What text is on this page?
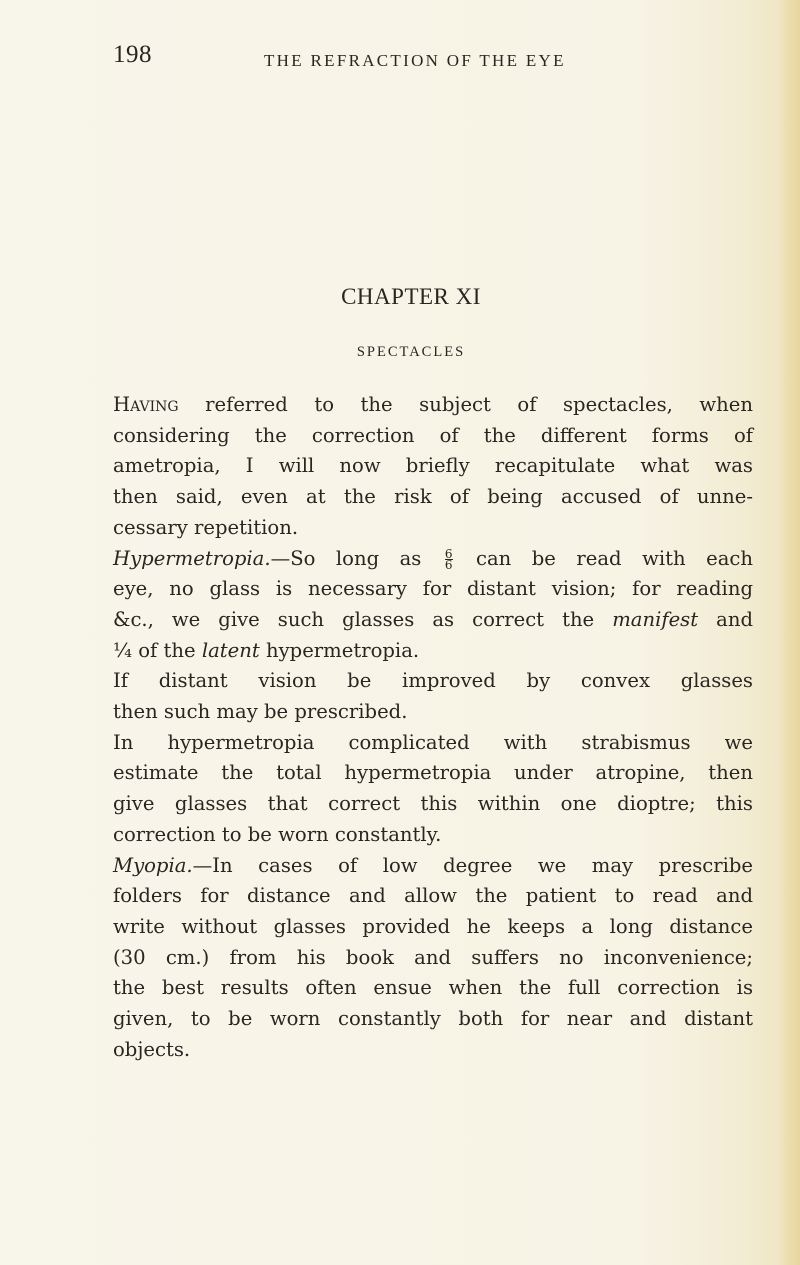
198	THE REFRACTION OF THE EYE
CHAPTER XI
SPECTACLES

Having referred to the subject of spectacles, when
considering the correction of the different forms of
ametropia, I will now briefly recapitulate what was
then said, even at the risk of being accused of unne-
cessary repetition.

Hypermetropia.—So long as $\frac{6}{6}$ can be read with each
eye, no glass is necessary for distant vision; for reading
&c., we give such glasses as correct the manifest and
¼ of the latent hypermetropia.

If distant vision be improved by convex glasses
then such may be prescribed.

In hypermetropia complicated with strabismus we
estimate the total hypermetropia under atropine, then
give glasses that correct this within one dioptre; this
correction to be worn constantly.

Myopia.—In cases of low degree we may prescribe
folders for distance and allow the patient to read and
write without glasses provided he keeps a long distance
(30 cm.) from his book and suffers no inconvenience;
the best results often ensue when the full correction is
given, to be worn constantly both for near and distant
objects.
